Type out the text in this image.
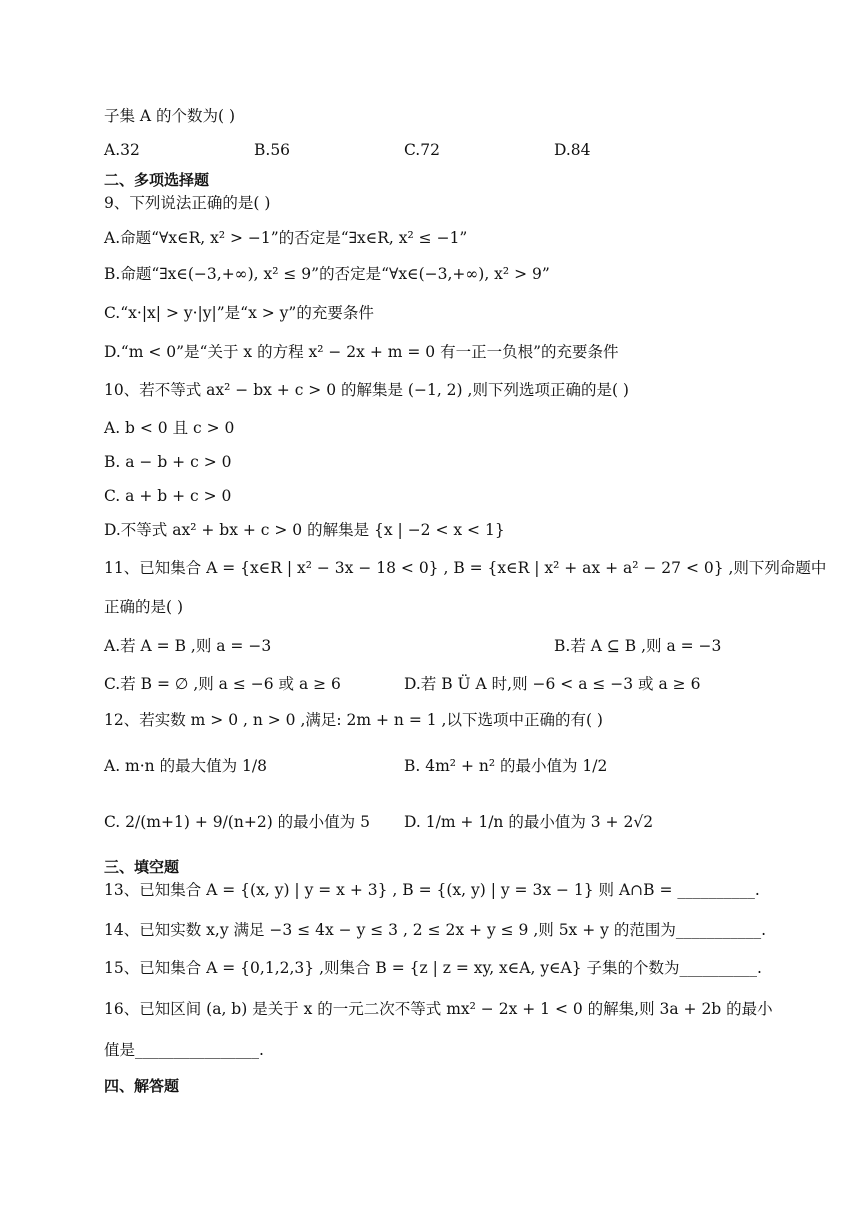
子集 A 的个数为( )
A.32	B.56	C.72	D.84
二、多项选择题
9、下列说法正确的是( )
A.命题“∀x∈R, x² > −1”的否定是“∃x∈R, x² ≤ −1”
B.命题“∃x∈(−3,+∞), x² ≤ 9”的否定是“∀x∈(−3,+∞), x² > 9”
C.“x·|x| > y·|y|”是“x > y”的充要条件
D.“m < 0”是“关于 x 的方程 x² − 2x + m = 0 有一正一负根”的充要条件
10、若不等式 ax² − bx + c > 0 的解集是 (−1, 2) ,则下列选项正确的是( )
A. b < 0 且 c > 0
B. a − b + c > 0
C. a + b + c > 0
D.不等式 ax² + bx + c > 0 的解集是 {x | −2 < x < 1}
11、已知集合 A = {x∈R | x² − 3x − 18 < 0} , B = {x∈R | x² + ax + a² − 27 < 0} ,则下列命题中
正确的是( )
A.若 A = B ,则 a = −3	B.若 A ⊆ B ,则 a = −3
C.若 B = ∅ ,则 a ≤ −6 或 a ≥ 6	D.若 B Ü A 时,则 −6 < a ≤ −3 或 a ≥ 6
12、若实数 m > 0 , n > 0 ,满足: 2m + n = 1 ,以下选项中正确的有( )
A. m·n 的最大值为 1/8	B. 4m² + n² 的最小值为 1/2
C. 2/(m+1) + 9/(n+2) 的最小值为 5 D. 1/m + 1/n 的最小值为 3 + 2√2
三、填空题
13、已知集合 A = {(x, y) | y = x + 3} , B = {(x, y) | y = 3x − 1} 则 A∩B = __________.
14、已知实数 x,y 满足 −3 ≤ 4x − y ≤ 3 , 2 ≤ 2x + y ≤ 9 ,则 5x + y 的范围为___________.
15、已知集合 A = {0,1,2,3} ,则集合 B = {z | z = xy, x∈A, y∈A} 子集的个数为__________.
16、已知区间 (a, b) 是关于 x 的一元二次不等式 mx² − 2x + 1 < 0 的解集,则 3a + 2b 的最小
值是________________.
四、解答题
